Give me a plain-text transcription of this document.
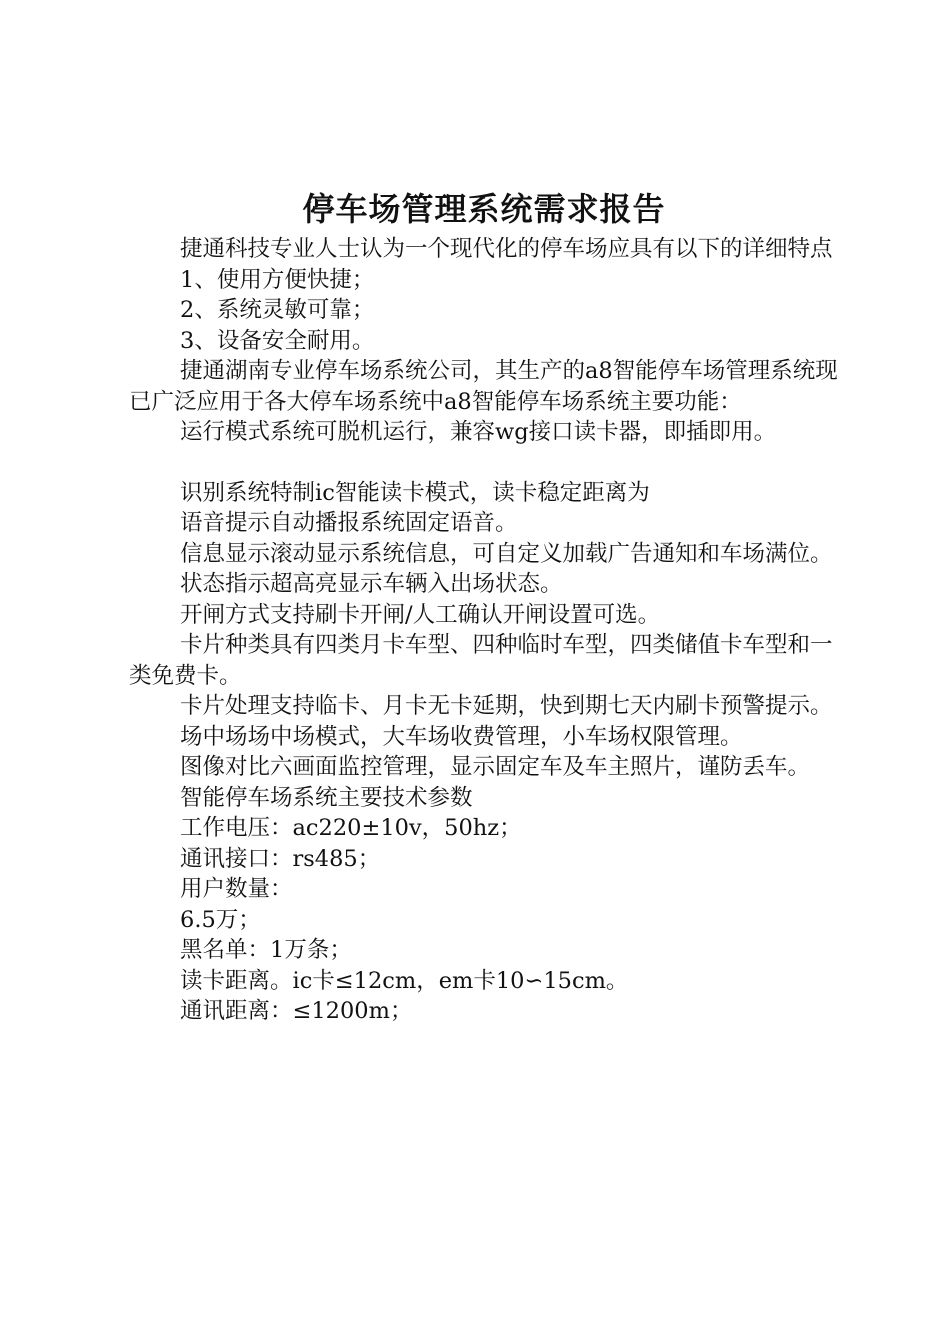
停车场管理系统需求报告

捷通科技专业人士认为一个现代化的停车场应具有以下的详细特点

1、使用方便快捷；

2、系统灵敏可靠；

3、设备安全耐用。

捷通湖南专业停车场系统公司，其生产的a8智能停车场管理系统现已广泛应用于各大停车场系统中a8智能停车场系统主要功能：

运行模式系统可脱机运行，兼容wg接口读卡器，即插即用。

识别系统特制ic智能读卡模式，读卡稳定距离为

语音提示自动播报系统固定语音。

信息显示滚动显示系统信息，可自定义加载广告通知和车场满位。

状态指示超高亮显示车辆入出场状态。

开闸方式支持刷卡开闸/人工确认开闸设置可选。

卡片种类具有四类月卡车型、四种临时车型，四类储值卡车型和一类免费卡。

卡片处理支持临卡、月卡无卡延期，快到期七天内刷卡预警提示。

场中场场中场模式，大车场收费管理，小车场权限管理。

图像对比六画面监控管理，显示固定车及车主照片，谨防丢车。

智能停车场系统主要技术参数

工作电压：ac220±10v，50hz；

通讯接口：rs485；

用户数量：

6.5万；

黑名单：1万条；

读卡距离。ic卡≤12cm，em卡10∽15cm。

通讯距离：≤1200m；
